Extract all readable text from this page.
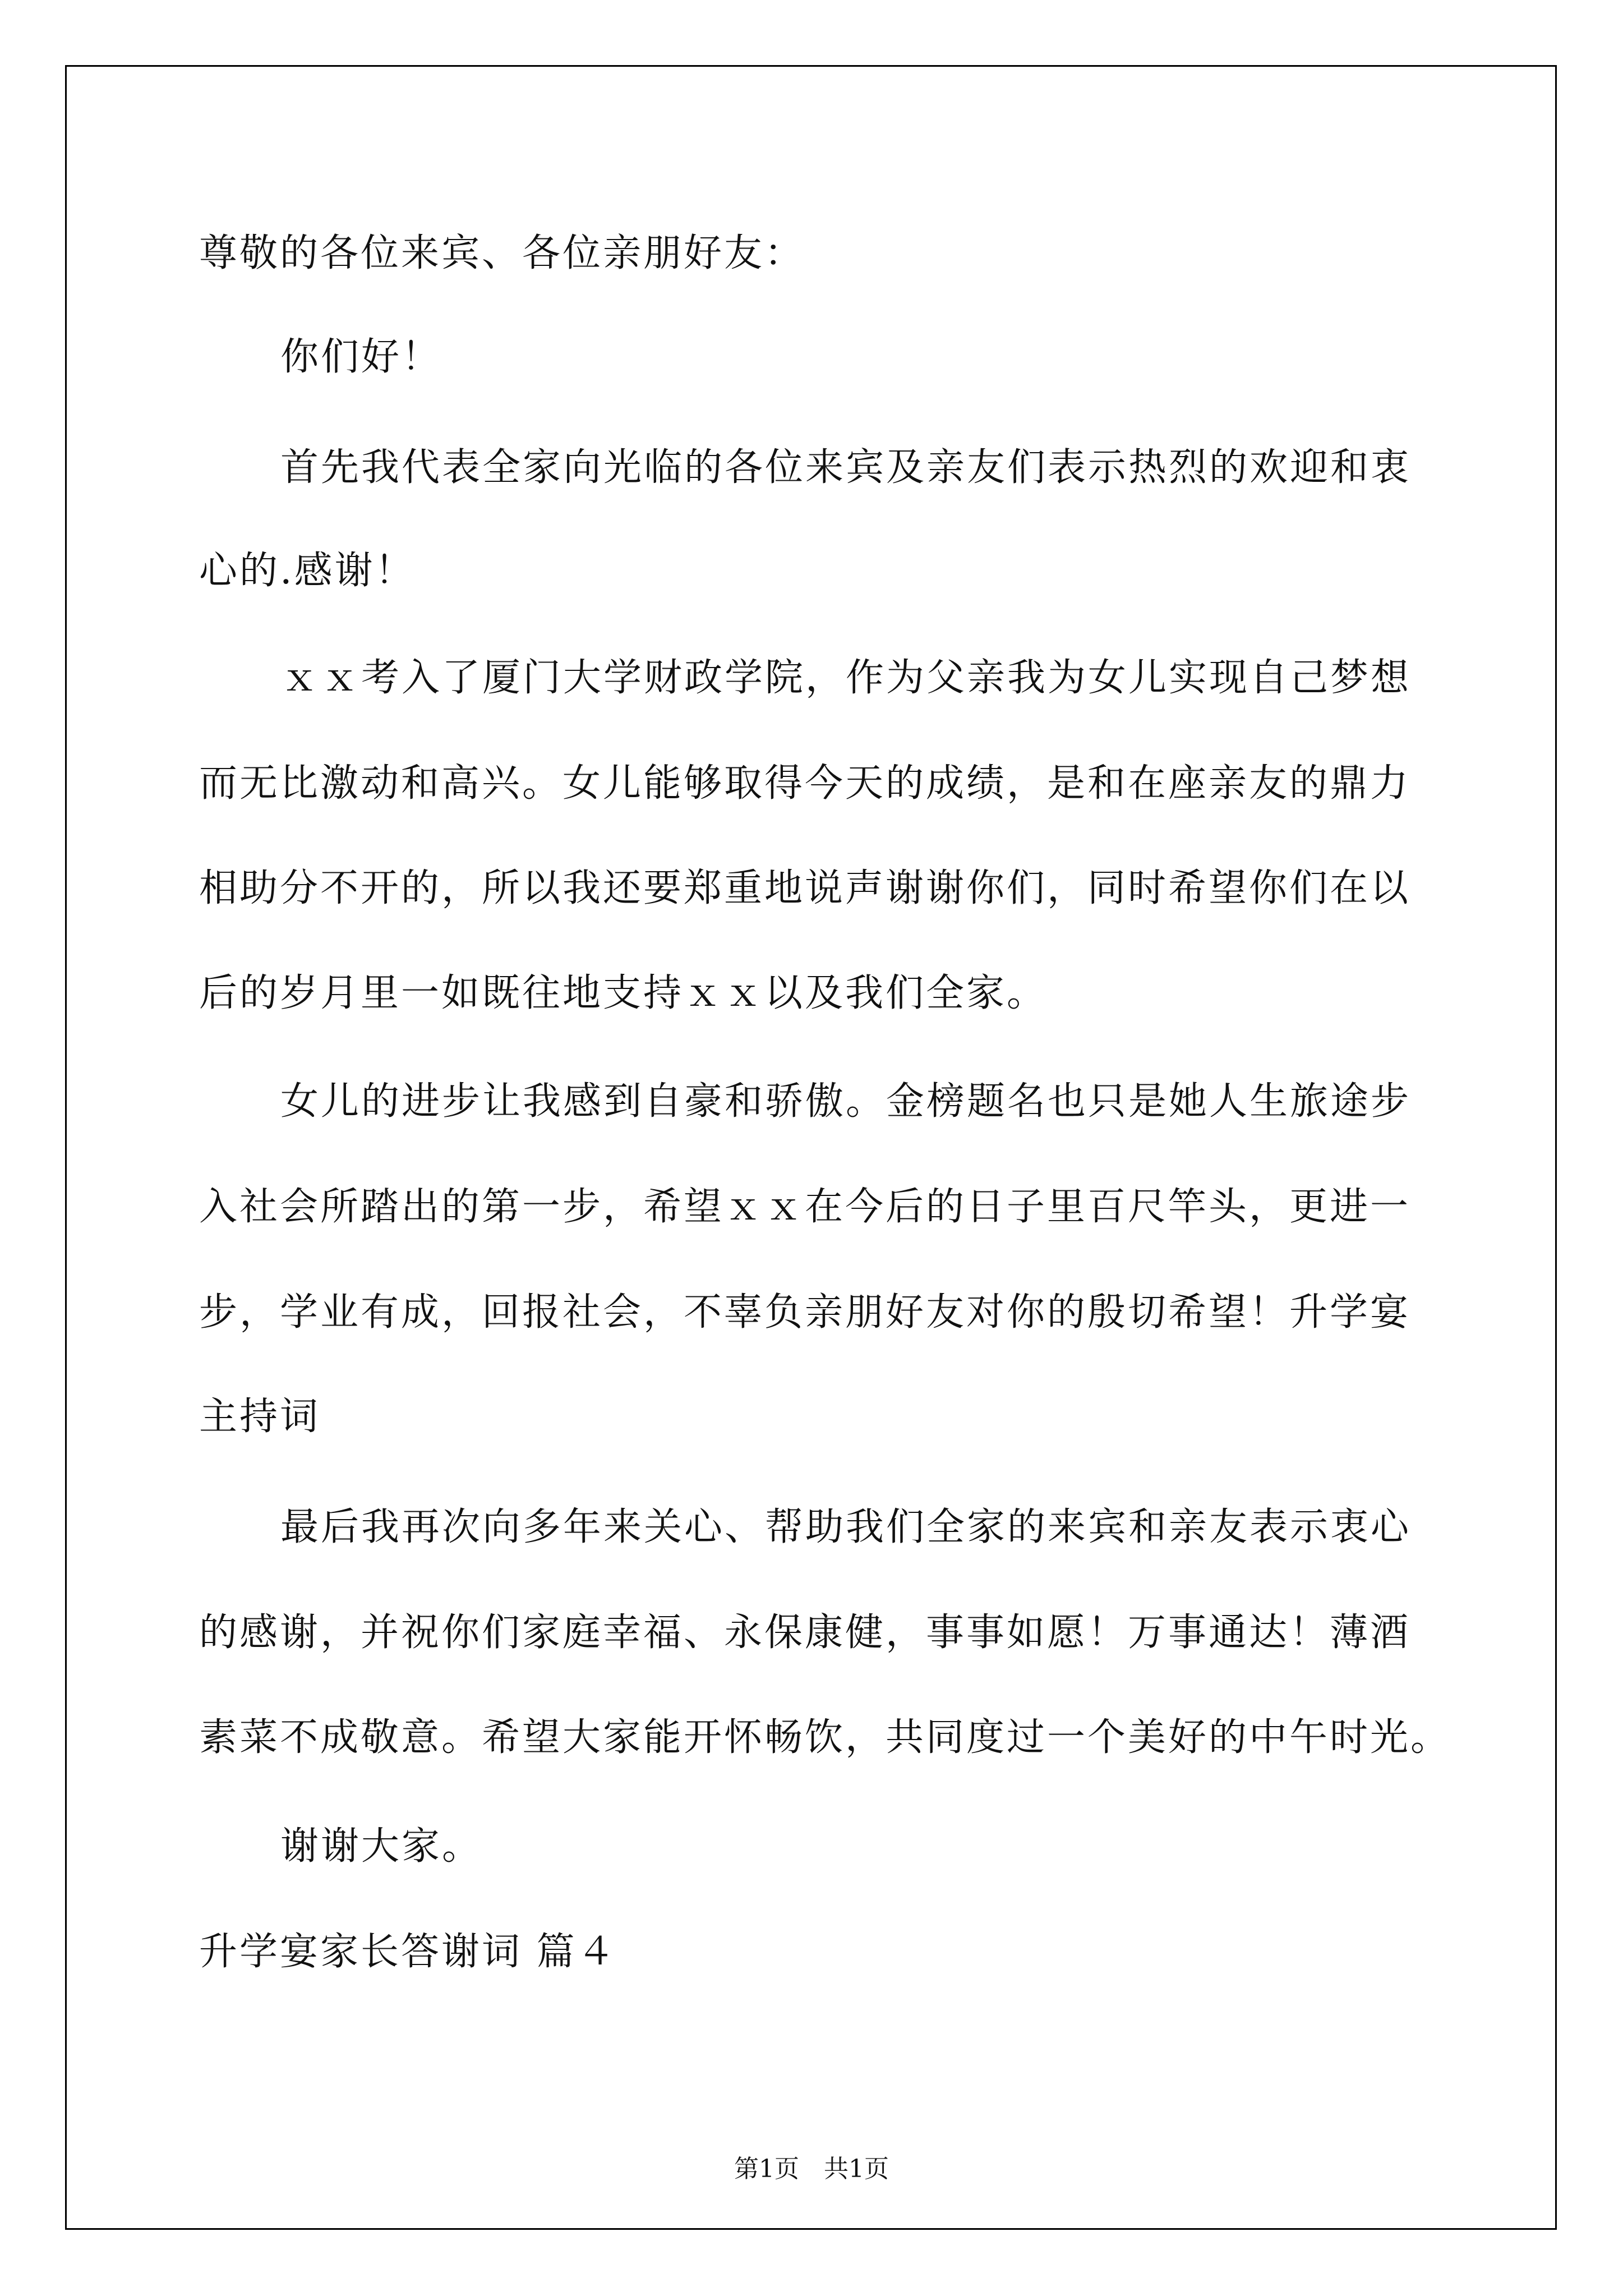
尊敬的各位来宾、各位亲朋好友：
你们好！
首先我代表全家向光临的各位来宾及亲友们表示热烈的欢迎和衷
心的.感谢！
ｘｘ考入了厦门大学财政学院，作为父亲我为女儿实现自己梦想
而无比激动和高兴。女儿能够取得今天的成绩，是和在座亲友的鼎力
相助分不开的，所以我还要郑重地说声谢谢你们，同时希望你们在以
后的岁月里一如既往地支持ｘｘ以及我们全家。
女儿的进步让我感到自豪和骄傲。金榜题名也只是她人生旅途步
入社会所踏出的第一步，希望ｘｘ在今后的日子里百尺竿头，更进一
步，学业有成，回报社会，不辜负亲朋好友对你的殷切希望！升学宴
主持词
最后我再次向多年来关心、帮助我们全家的来宾和亲友表示衷心
的感谢，并祝你们家庭幸福、永保康健，事事如愿！万事通达！薄酒
素菜不成敬意。希望大家能开怀畅饮，共同度过一个美好的中午时光。
谢谢大家。
升学宴家长答谢词 篇４
第1页　共1页
